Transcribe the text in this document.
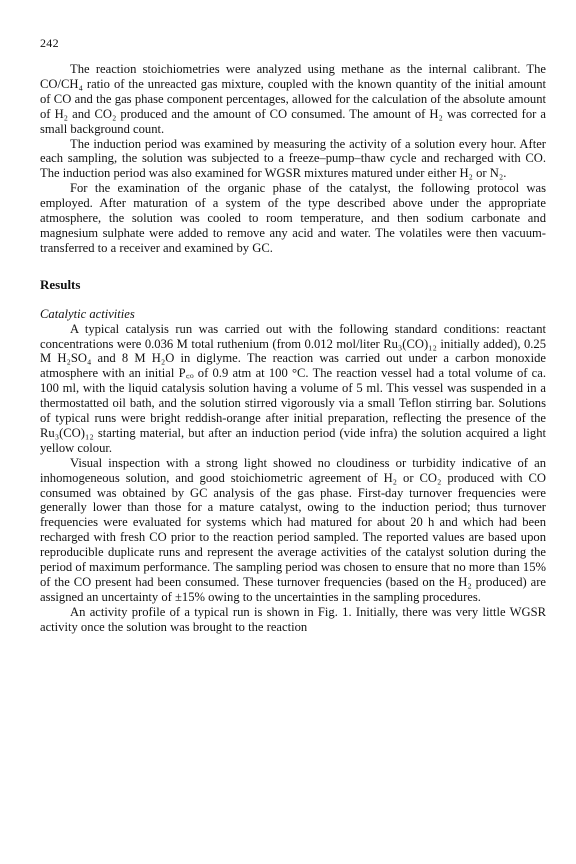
242

The reaction stoichiometries were analyzed using methane as the internal calibrant. The CO/CH₄ ratio of the unreacted gas mixture, coupled with the known quantity of the initial amount of CO and the gas phase component percentages, allowed for the calculation of the absolute amount of H₂ and CO₂ produced and the amount of CO consumed. The amount of H₂ was corrected for a small background count.

The induction period was examined by measuring the activity of a solution every hour. After each sampling, the solution was subjected to a freeze–pump–thaw cycle and recharged with CO. The induction period was also examined for WGSR mixtures matured under either H₂ or N₂.

For the examination of the organic phase of the catalyst, the following protocol was employed. After maturation of a system of the type described above under the appropriate atmosphere, the solution was cooled to room temperature, and then sodium carbonate and magnesium sulphate were added to remove any acid and water. The volatiles were then vacuum-transferred to a receiver and examined by GC.

Results

Catalytic activities

A typical catalysis run was carried out with the following standard conditions: reactant concentrations were 0.036 M total ruthenium (from 0.012 mol/liter Ru₃(CO)₁₂ initially added), 0.25 M H₂SO₄ and 8 M H₂O in diglyme. The reaction was carried out under a carbon monoxide atmosphere with an initial P꜀ₒ of 0.9 atm at 100 °C. The reaction vessel had a total volume of ca. 100 ml, with the liquid catalysis solution having a volume of 5 ml. This vessel was suspended in a thermostatted oil bath, and the solution stirred vigorously via a small Teflon stirring bar. Solutions of typical runs were bright reddish-orange after initial preparation, reflecting the presence of the Ru₃(CO)₁₂ starting material, but after an induction period (vide infra) the solution acquired a light yellow colour.

Visual inspection with a strong light showed no cloudiness or turbidity indicative of an inhomogeneous solution, and good stoichiometric agreement of H₂ or CO₂ produced with CO consumed was obtained by GC analysis of the gas phase. First-day turnover frequencies were generally lower than those for a mature catalyst, owing to the induction period; thus turnover frequencies were evaluated for systems which had matured for about 20 h and which had been recharged with fresh CO prior to the reaction period sampled. The reported values are based upon reproducible duplicate runs and represent the average activities of the catalyst solution during the period of maximum performance. The sampling period was chosen to ensure that no more than 15% of the CO present had been consumed. These turnover frequencies (based on the H₂ produced) are assigned an uncertainty of ±15% owing to the uncertainties in the sampling procedures.

An activity profile of a typical run is shown in Fig. 1. Initially, there was very little WGSR activity once the solution was brought to the reaction
